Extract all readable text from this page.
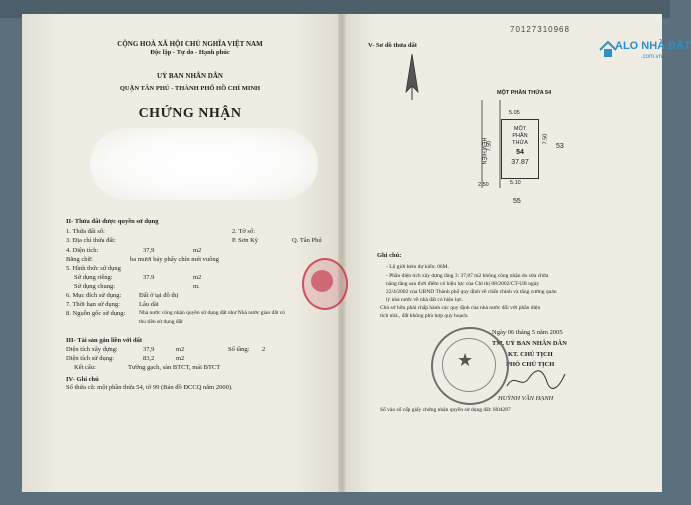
ALO NHÀ ĐẤT
.com.vn
70127310968
CỘNG HOÀ XÃ HỘI CHỦ NGHĨA VIỆT NAM
Độc lập - Tự do - Hạnh phúc
UỶ BAN NHÂN DÂN
QUẬN TÂN PHÚ - THÀNH PHỐ HỒ CHÍ MINH
CHỨNG NHẬN
II- Thửa đất được quyền sử dụng
1. Thửa đất số:	2. Tờ số:
3. Địa chỉ thửa đất:	P. Sơn Kỳ	Q. Tân Phú
4. Diện tích:	37,9	m2
Bằng chữ:	ba mươi bảy phẩy chín mét vuông
5. Hình thức sử dụng
Sử dụng riêng:	37.9	m2
Sử dụng chung:	m.
6. Mục đích sử dụng:	Đất ở tại đô thị
7. Thời hạn sử dụng:	Lâu dài
8. Nguồn gốc sử dụng: Nhà nước công nhận quyền sử dụng đất như Nhà nước giao đất có
thu tiền sử dụng đất
III- Tài sản gắn liền với đất
Diện tích xây dựng:	37,9	m2	Số tầng: 2
Diện tích sử dụng:	83,2	m2
Kết cấu:	Tường gạch, sàn BTCT, mái BTCT
IV- Ghi chú
Số thửa cũ: một phần thửa 54, tờ 99 (Bản đồ ĐCCQ năm 2000).
V- Sơ đồ thửa đất
MỘT PHẦN THỬA 54
5.05
MỘT
PHẦN
THỬA
54
37.87
5.10
7.50
7.50
HẺM HIỆN
2.50
53
55
Ghi chú:
- Lộ giới hẻm dự kiến: 06M.
- Phần diện tích xây dựng tầng 3: 37,87 m2 không công nhận do sửa chữa
nâng tầng sau thời điểm có hiệu lực của Chỉ thị 08/2002/CT-UB ngày
22/4/2002 của UBND Thành phố quy định về chấn chỉnh và tăng cường quản
lý nhà nước về nhà đất có hiệu lực.
Chủ sở hữu phải chấp hành các quy định của nhà nước đối với phần diện
tích nhà , đất không phù hợp quy hoạch.
Ngày 06 tháng 5 năm 2005
TM. UỶ BAN NHÂN DÂN
KT. CHỦ TỊCH
PHÓ CHỦ TỊCH
★
HUỲNH VĂN HẠNH
Số vào sổ cấp giấy chứng nhận quyền sử dụng đất: H04287
